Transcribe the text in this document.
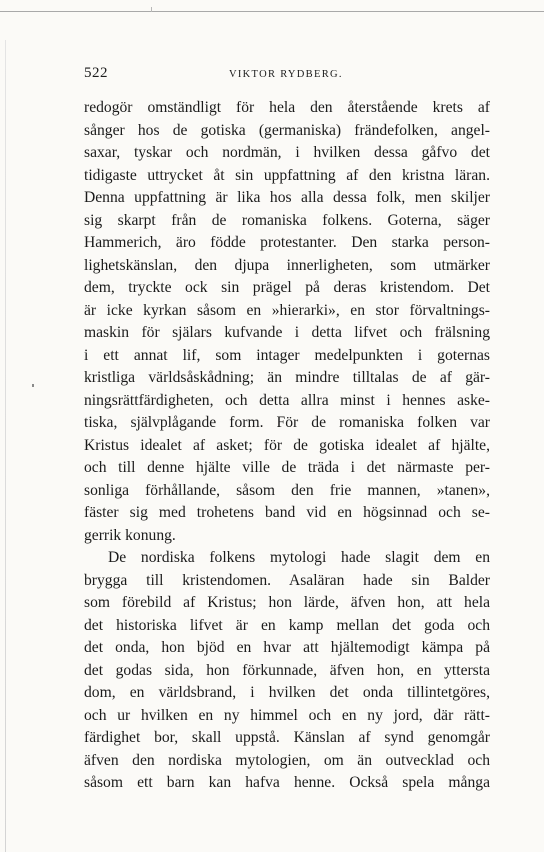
522	VIKTOR RYDBERG.
redogör omständligt för hela den återstående krets af
sånger hos de gotiska (germaniska) frändefolken, angel-
saxar, tyskar och nordmän, i hvilken dessa gåfvo det
tidigaste uttrycket åt sin uppfattning af den kristna läran.
Denna uppfattning är lika hos alla dessa folk, men skiljer
sig skarpt från de romaniska folkens. Goterna, säger
Hammerich, äro födde protestanter. Den starka person-
lighetskänslan, den djupa innerligheten, som utmärker
dem, tryckte ock sin prägel på deras kristendom. Det
är icke kyrkan såsom en »hierarki», en stor förvaltnings-
maskin för själars kufvande i detta lifvet och frälsning
i ett annat lif, som intager medelpunkten i goternas
kristliga världsåskådning; än mindre tilltalas de af gär-
ningsrättfärdigheten, och detta allra minst i hennes aske-
tiska, självplågande form. För de romaniska folken var
Kristus idealet af asket; för de gotiska idealet af hjälte,
och till denne hjälte ville de träda i det närmaste per-
sonliga förhållande, såsom den frie mannen, »tanen»,
fäster sig med trohetens band vid en högsinnad och se-
gerrik konung.
De nordiska folkens mytologi hade slagit dem en
brygga till kristendomen. Asaläran hade sin Balder
som förebild af Kristus; hon lärde, äfven hon, att hela
det historiska lifvet är en kamp mellan det goda och
det onda, hon bjöd en hvar att hjältemodigt kämpa på
det godas sida, hon förkunnade, äfven hon, en yttersta
dom, en världsbrand, i hvilken det onda tillintetgöres,
och ur hvilken en ny himmel och en ny jord, där rätt-
färdighet bor, skall uppstå. Känslan af synd genomgår
äfven den nordiska mytologien, om än outvecklad och
såsom ett barn kan hafva henne. Också spela många
